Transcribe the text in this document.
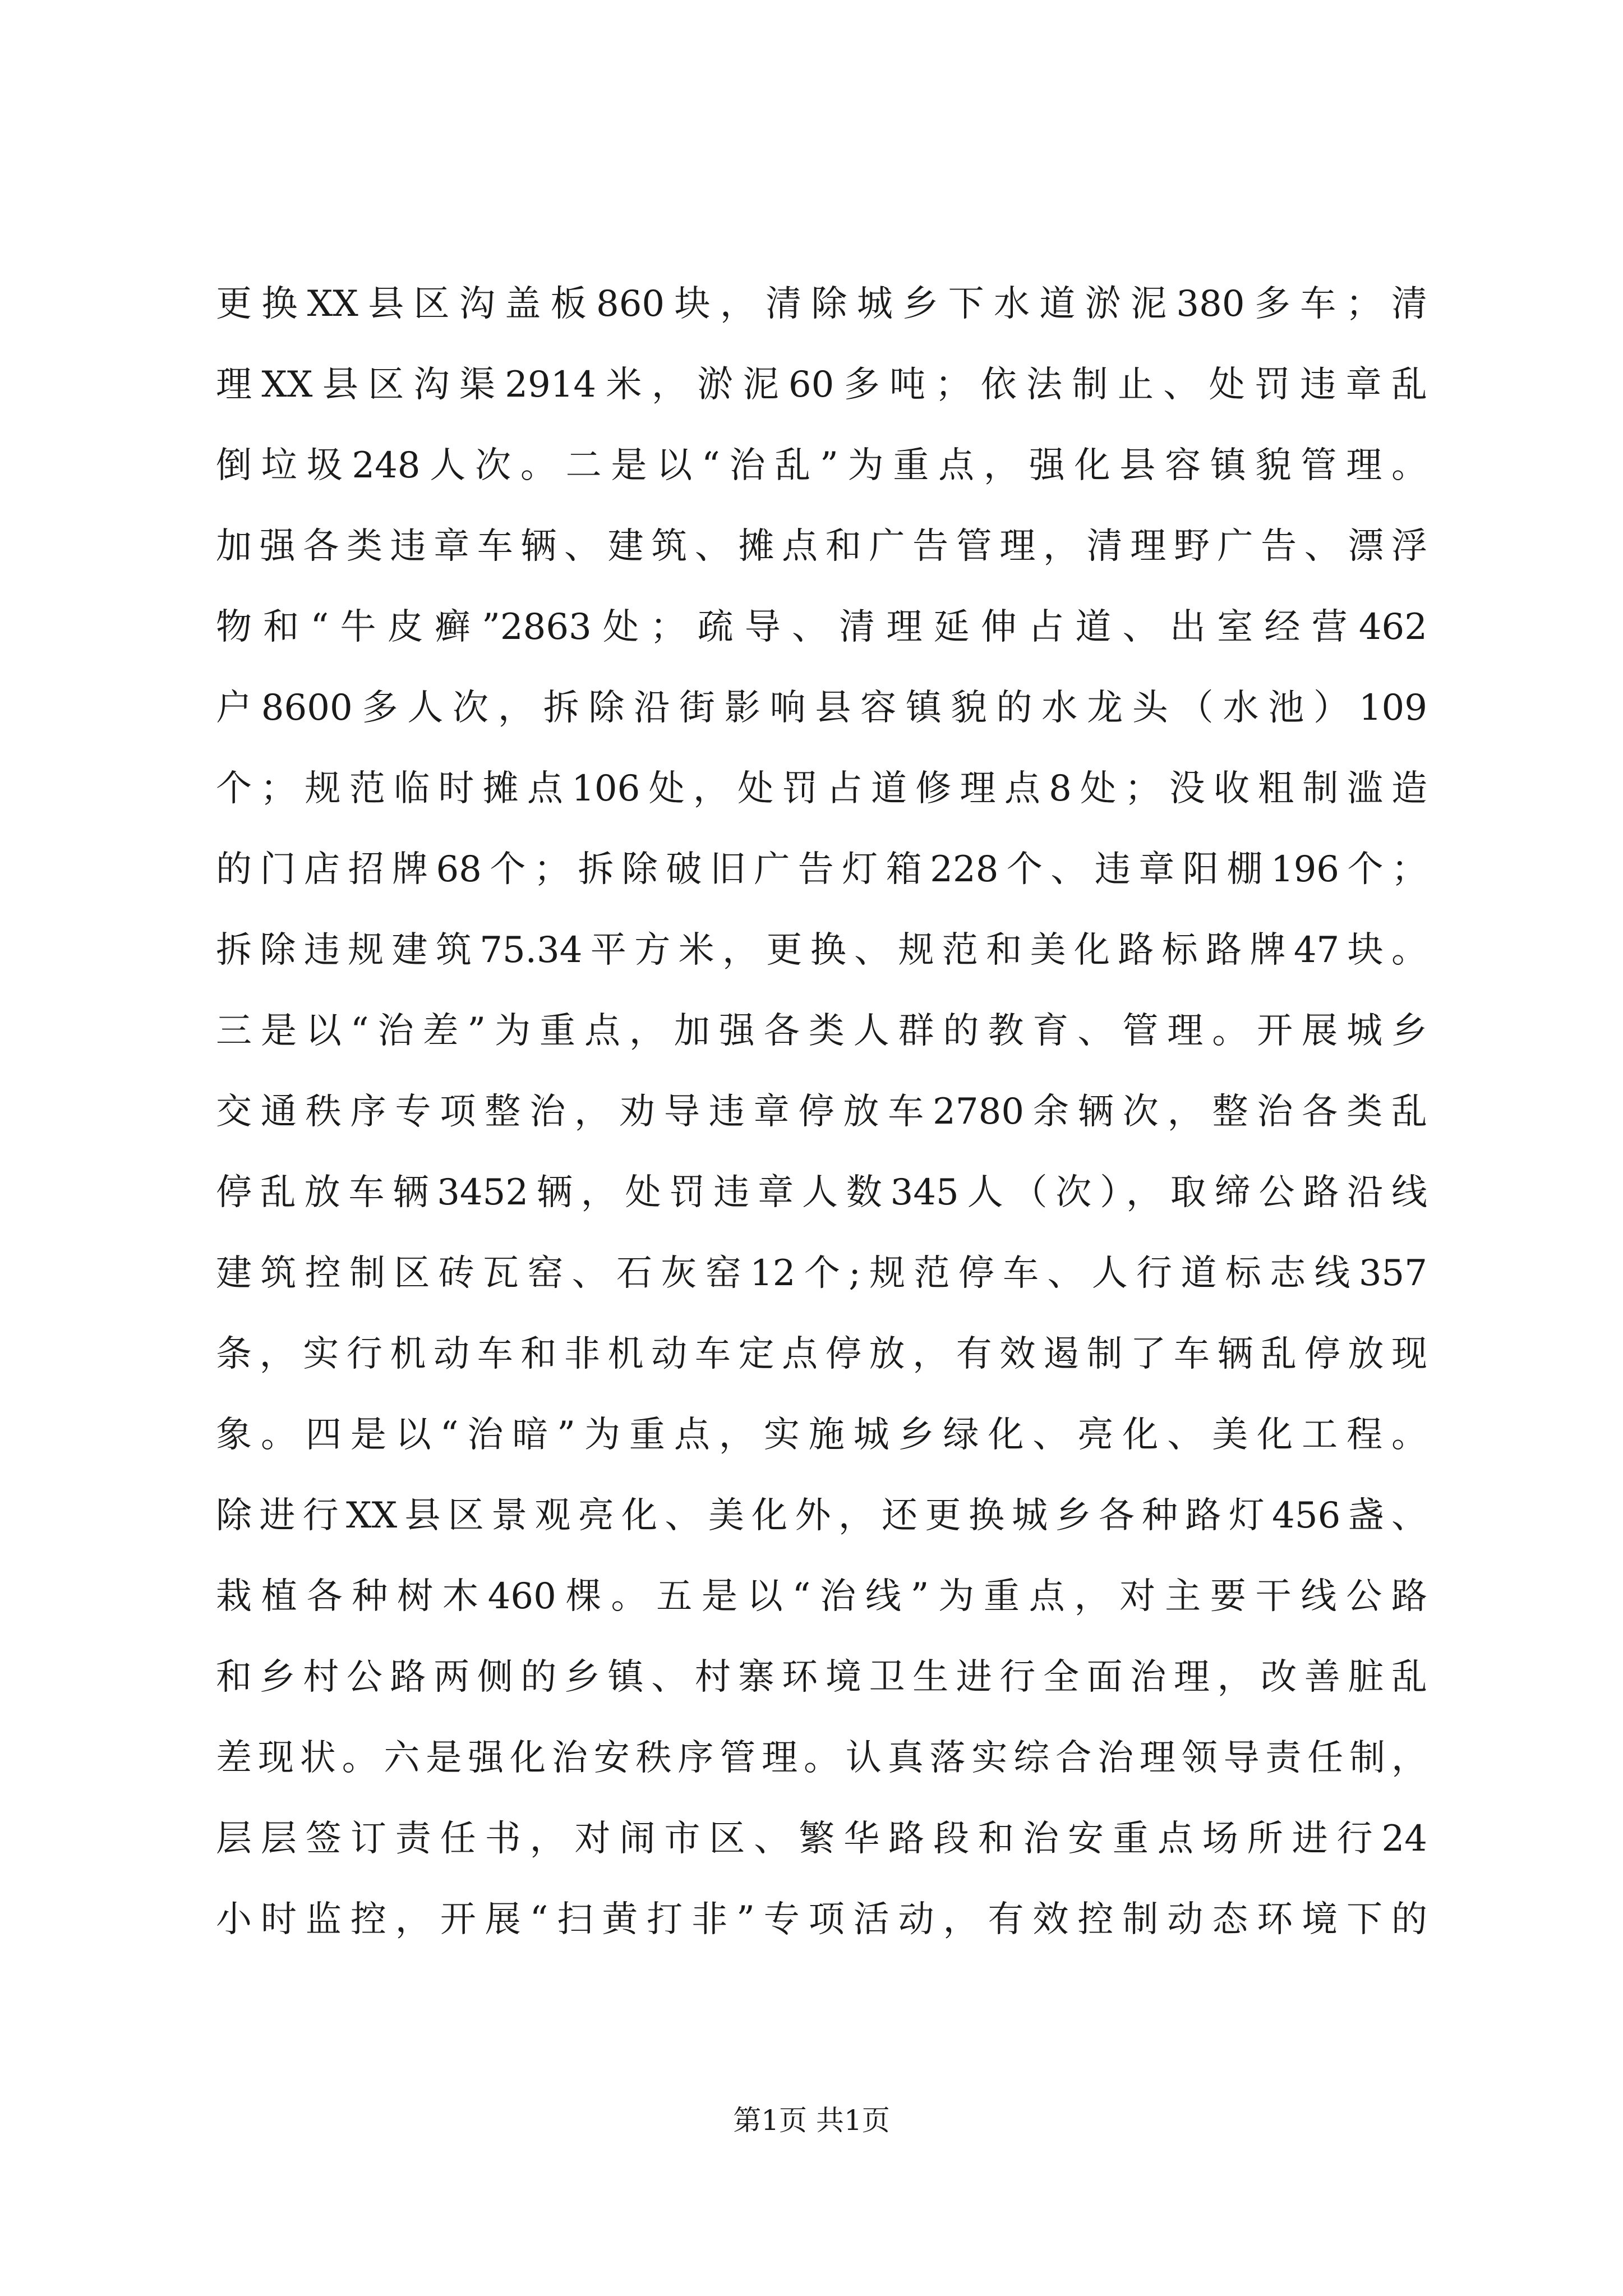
更换XX县区沟盖板860块，清除城乡下水道淤泥380多车；清
理XX县区沟渠2914米，淤泥60多吨；依法制止、处罚违章乱
倒垃圾248人次。二是以“治乱”为重点，强化县容镇貌管理。
加强各类违章车辆、建筑、摊点和广告管理，清理野广告、漂浮
物和“牛皮癣”2863处；疏导、清理延伸占道、出室经营462
户8600多人次，拆除沿街影响县容镇貌的水龙头（水池）109
个；规范临时摊点106处，处罚占道修理点8处；没收粗制滥造
的门店招牌68个；拆除破旧广告灯箱228个、违章阳棚196个；
拆除违规建筑75.34平方米，更换、规范和美化路标路牌47块。
三是以“治差”为重点，加强各类人群的教育、管理。开展城乡
交通秩序专项整治，劝导违章停放车2780余辆次，整治各类乱
停乱放车辆3452辆，处罚违章人数345人（次），取缔公路沿线
建筑控制区砖瓦窑、石灰窑12个;规范停车、人行道标志线357
条，实行机动车和非机动车定点停放，有效遏制了车辆乱停放现
象。四是以“治暗”为重点，实施城乡绿化、亮化、美化工程。
除进行XX县区景观亮化、美化外，还更换城乡各种路灯456盏、
栽植各种树木460棵。五是以“治线”为重点，对主要干线公路
和乡村公路两侧的乡镇、村寨环境卫生进行全面治理，改善脏乱
差现状。六是强化治安秩序管理。认真落实综合治理领导责任制，
层层签订责任书，对闹市区、繁华路段和治安重点场所进行24
小时监控，开展“扫黄打非”专项活动，有效控制动态环境下的
第1页 共1页
